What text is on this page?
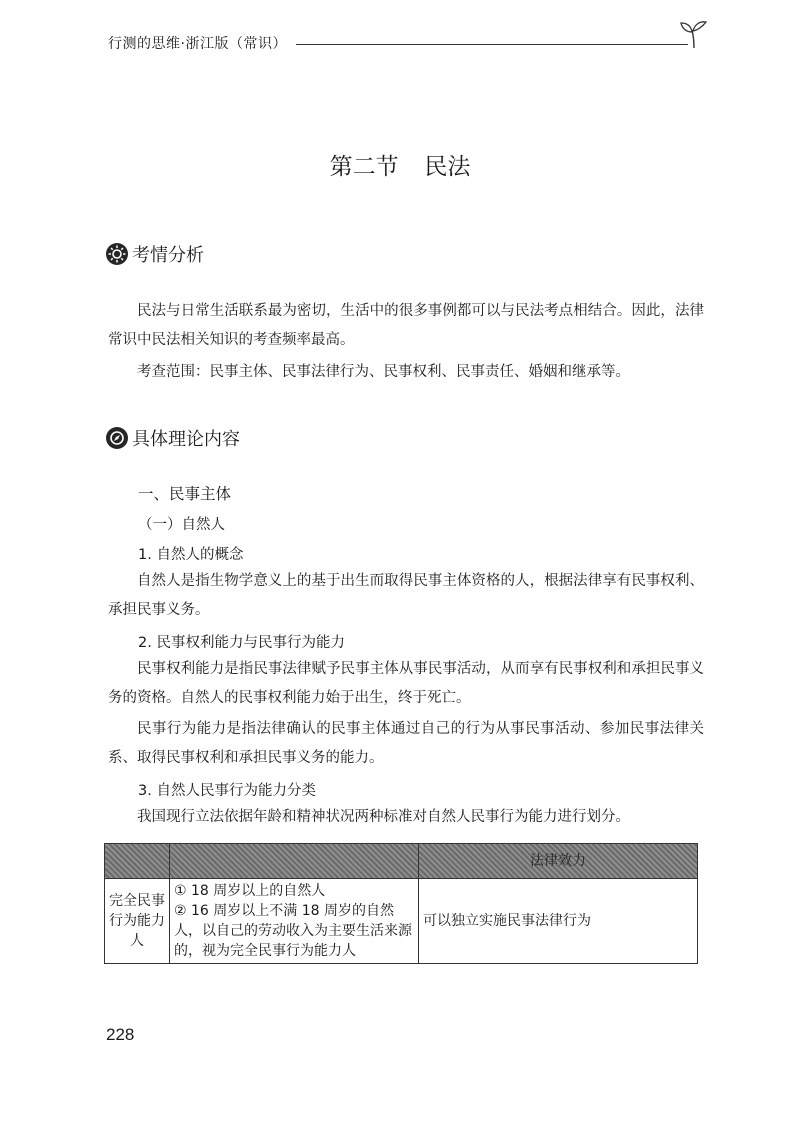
行测的思维·浙江版（常识）
第二节 民法
考情分析

民法与日常生活联系最为密切，生活中的很多事例都可以与民法考点相结合。因此，法律常识中民法相关知识的考查频率最高。

考查范围：民事主体、民事法律行为、民事权利、民事责任、婚姻和继承等。

具体理论内容
一、民事主体
（一）自然人
1. 自然人的概念

自然人是指生物学意义上的基于出生而取得民事主体资格的人，根据法律享有民事权利、承担民事义务。

2. 民事权利能力与民事行为能力

民事权利能力是指民事法律赋予民事主体从事民事活动，从而享有民事权利和承担民事义务的资格。自然人的民事权利能力始于出生，终于死亡。

民事行为能力是指法律确认的民事主体通过自己的行为从事民事活动、参加民事法律关系、取得民事权利和承担民事义务的能力。

3. 自然人民事行为能力分类

我国现行立法依据年龄和精神状况两种标准对自然人民事行为能力进行划分。

		法律效力
完全民事行为能力人	① 18 周岁以上的自然人
② 16 周岁以上不满 18 周岁的自然人，以自己的劳动收入为主要生活来源的，视为完全民事行为能力人	可以独立实施民事法律行为
228
